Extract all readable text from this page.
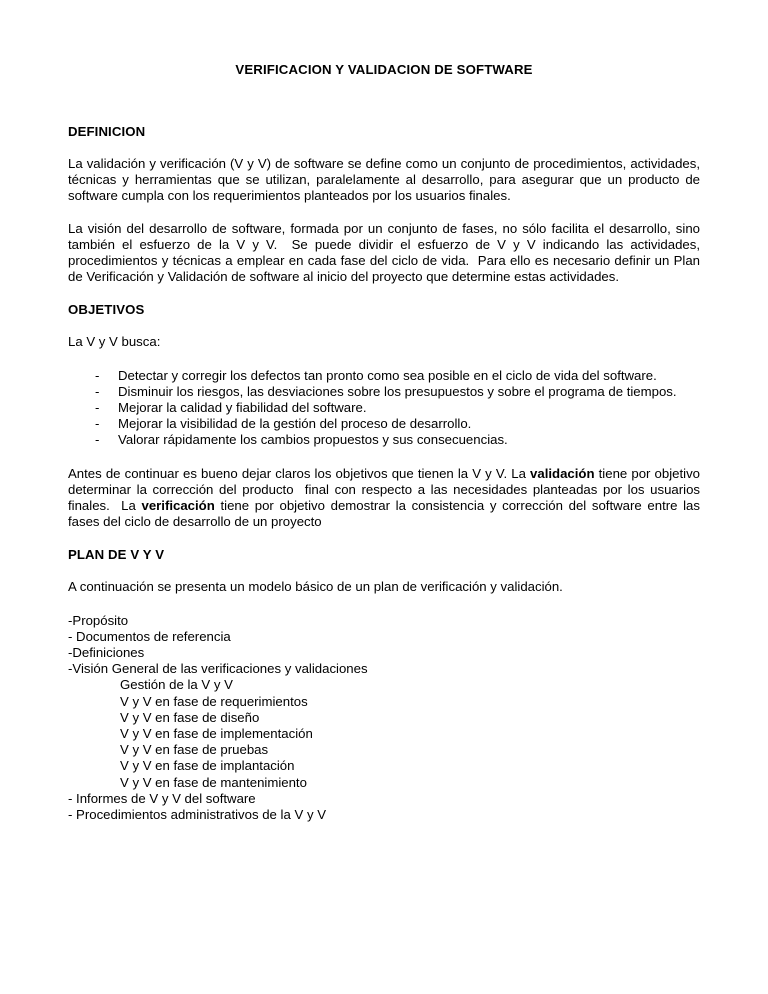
VERIFICACION Y VALIDACION DE SOFTWARE
DEFINICION

La validación y verificación (V y V) de software se define como un conjunto de procedimientos, actividades, técnicas y herramientas que se utilizan, paralelamente al desarrollo, para asegurar que un producto de software cumpla con los requerimientos planteados por los usuarios finales.

La visión del desarrollo de software, formada por un conjunto de fases, no sólo facilita el desarrollo, sino también el esfuerzo de la V y V.  Se puede dividir el esfuerzo de V y V indicando las actividades, procedimientos y técnicas a emplear en cada fase del ciclo de vida.  Para ello es necesario definir un Plan de Verificación y Validación de software al inicio del proyecto que determine estas actividades.

OBJETIVOS

La V y V busca:

- Detectar y corregir los defectos tan pronto como sea posible en el ciclo de vida del software.
- Disminuir los riesgos, las desviaciones sobre los presupuestos y sobre el programa de tiempos.
- Mejorar la calidad y fiabilidad del software.
- Mejorar la visibilidad de la gestión del proceso de desarrollo.
- Valorar rápidamente los cambios propuestos y sus consecuencias.

Antes de continuar es bueno dejar claros los objetivos que tienen la V y V. La validación tiene por objetivo determinar la corrección del producto  final con respecto a las necesidades planteadas por los usuarios finales.  La verificación tiene por objetivo demostrar la consistencia y corrección del software entre las fases del ciclo de desarrollo de un proyecto

PLAN DE V Y V

A continuación se presenta un modelo básico de un plan de verificación y validación.

-Propósito
- Documentos de referencia
-Definiciones
-Visión General de las verificaciones y validaciones
Gestión de la V y V
V y V en fase de requerimientos
V y V en fase de diseño
V y V en fase de implementación
V y V en fase de pruebas
V y V en fase de implantación
V y V en fase de mantenimiento
- Informes de V y V del software
- Procedimientos administrativos de la V y V
